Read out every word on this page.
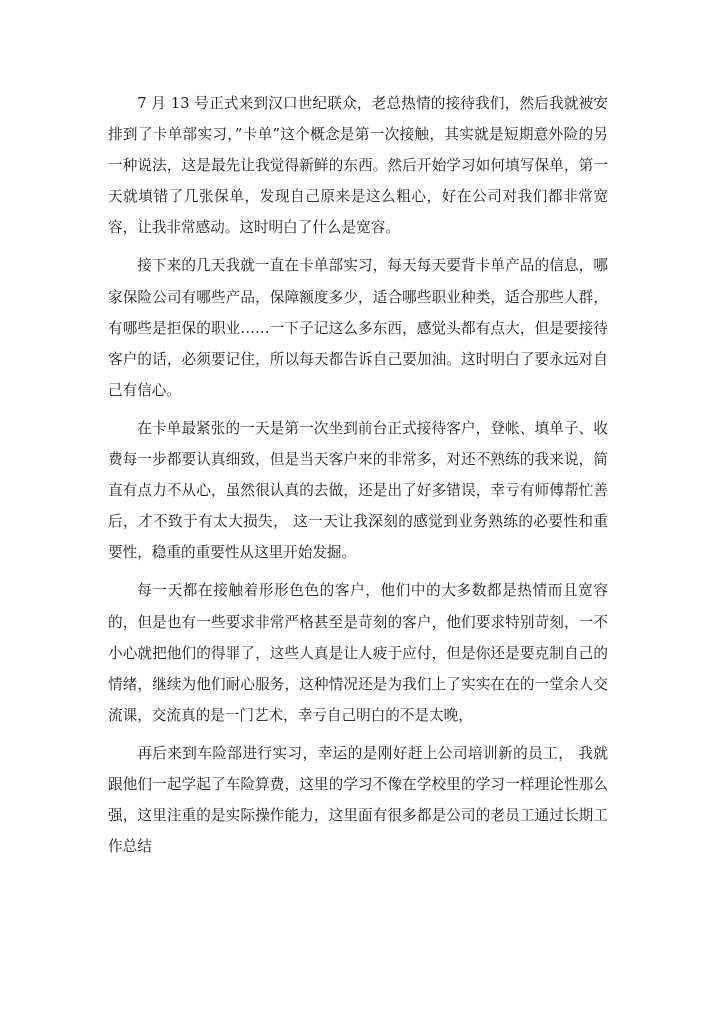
7 月 13 号正式来到汉口世纪联众，老总热情的接待我们，然后我就被安排到了卡单部实习，”卡单”这个概念是第一次接触，其实就是短期意外险的另一种说法，这是最先让我觉得新鲜的东西。然后开始学习如何填写保单，第一天就填错了几张保单，发现自己原来是这么粗心，好在公司对我们都非常宽容，让我非常感动。这时明白了什么是宽容。

接下来的几天我就一直在卡单部实习，每天每天要背卡单产品的信息，哪家保险公司有哪些产品，保障额度多少，适合哪些职业种类，适合那些人群，有哪些是拒保的职业……一下子记这么多东西，感觉头都有点大，但是要接待客户的话，必须要记住，所以每天都告诉自己要加油。这时明白了要永远对自己有信心。

在卡单最紧张的一天是第一次坐到前台正式接待客户，登帐、填单子、收费每一步都要认真细致，但是当天客户来的非常多，对还不熟练的我来说，简直有点力不从心，虽然很认真的去做，还是出了好多错误，幸亏有师傅帮忙善后，才不致于有太大损失， 这一天让我深刻的感觉到业务熟练的必要性和重要性，稳重的重要性从这里开始发掘。

每一天都在接触着形形色色的客户，他们中的大多数都是热情而且宽容的，但是也有一些要求非常严格甚至是苛刻的客户，他们要求特别苛刻，一不小心就把他们的得罪了，这些人真是让人疲于应付，但是你还是要克制自己的情绪，继续为他们耐心服务，这种情况还是为我们上了实实在在的一堂余人交流课，交流真的是一门艺术，幸亏自己明白的不是太晚，

再后来到车险部进行实习，幸运的是刚好赶上公司培训新的员工， 我就跟他们一起学起了车险算费，这里的学习不像在学校里的学习一样理论性那么强，这里注重的是实际操作能力，这里面有很多都是公司的老员工通过长期工作总结
